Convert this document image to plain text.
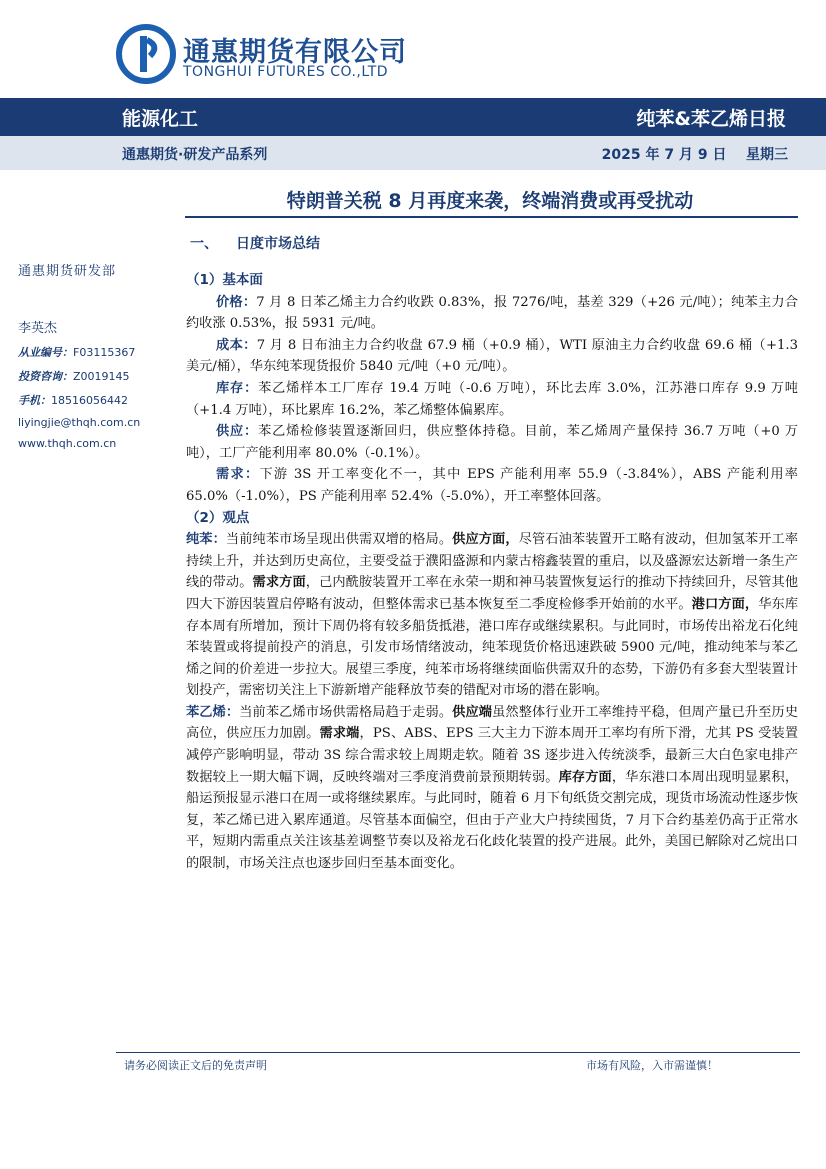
通惠期货有限公司
TONGHUI FUTURES CO.,LTD
能源化工	纯苯&苯乙烯日报
通惠期货·研发产品系列	2025 年 7 月 9 日    星期三
特朗普关税 8 月再度来袭，终端消费或再受扰动
一、 日度市场总结
通惠期货研发部
李英杰
从业编号：F03115367
投资咨询：Z0019145
手机：18516056442
liyingjie@thqh.com.cn
www.thqh.com.cn

（1）基本面

价格：7 月 8 日苯乙烯主力合约收跌 0.83%，报 7276/吨，基差 329（+26 元/吨）；纯苯主力合约收涨 0.53%，报 5931 元/吨。

成本：7 月 8 日布油主力合约收盘 67.9 桶（+0.9 桶），WTI 原油主力合约收盘 69.6 桶（+1.3 美元/桶），华东纯苯现货报价 5840 元/吨（+0 元/吨）。

库存：苯乙烯样本工厂库存 19.4 万吨（-0.6 万吨），环比去库 3.0%，江苏港口库存 9.9 万吨（+1.4 万吨），环比累库 16.2%，苯乙烯整体偏累库。

供应：苯乙烯检修装置逐渐回归，供应整体持稳。目前，苯乙烯周产量保持 36.7 万吨（+0 万吨），工厂产能利用率 80.0%（-0.1%）。

需求：下游 3S 开工率变化不一，其中 EPS 产能利用率 55.9（-3.84%），ABS 产能利用率 65.0%（-1.0%），PS 产能利用率 52.4%（-5.0%），开工率整体回落。

（2）观点

纯苯：当前纯苯市场呈现出供需双增的格局。供应方面，尽管石油苯装置开工略有波动，但加氢苯开工率持续上升，并达到历史高位，主要受益于濮阳盛源和内蒙古榕鑫装置的重启，以及盛源宏达新增一条生产线的带动。需求方面，己内酰胺装置开工率在永荣一期和神马装置恢复运行的推动下持续回升，尽管其他四大下游因装置启停略有波动，但整体需求已基本恢复至二季度检修季开始前的水平。港口方面，华东库存本周有所增加，预计下周仍将有较多船货抵港，港口库存或继续累积。与此同时，市场传出裕龙石化纯苯装置或将提前投产的消息，引发市场情绪波动，纯苯现货价格迅速跌破 5900 元/吨，推动纯苯与苯乙烯之间的价差进一步拉大。展望三季度，纯苯市场将继续面临供需双升的态势，下游仍有多套大型装置计划投产，需密切关注上下游新增产能释放节奏的错配对市场的潜在影响。

苯乙烯：当前苯乙烯市场供需格局趋于走弱。供应端虽然整体行业开工率维持平稳，但周产量已升至历史高位，供应压力加剧。需求端，PS、ABS、EPS 三大主力下游本周开工率均有所下滑，尤其 PS 受装置减停产影响明显，带动 3S 综合需求较上周期走软。随着 3S 逐步进入传统淡季，最新三大白色家电排产数据较上一期大幅下调，反映终端对三季度消费前景预期转弱。库存方面，华东港口本周出现明显累积，船运预报显示港口在周一或将继续累库。与此同时，随着 6 月下旬纸货交割完成，现货市场流动性逐步恢复，苯乙烯已进入累库通道。尽管基本面偏空，但由于产业大户持续囤货，7 月下合约基差仍高于正常水平，短期内需重点关注该基差调整节奏以及裕龙石化歧化装置的投产进展。此外，美国已解除对乙烷出口的限制，市场关注点也逐步回归至基本面变化。

请务必阅读正文后的免责声明	市场有风险，入市需谨慎！
